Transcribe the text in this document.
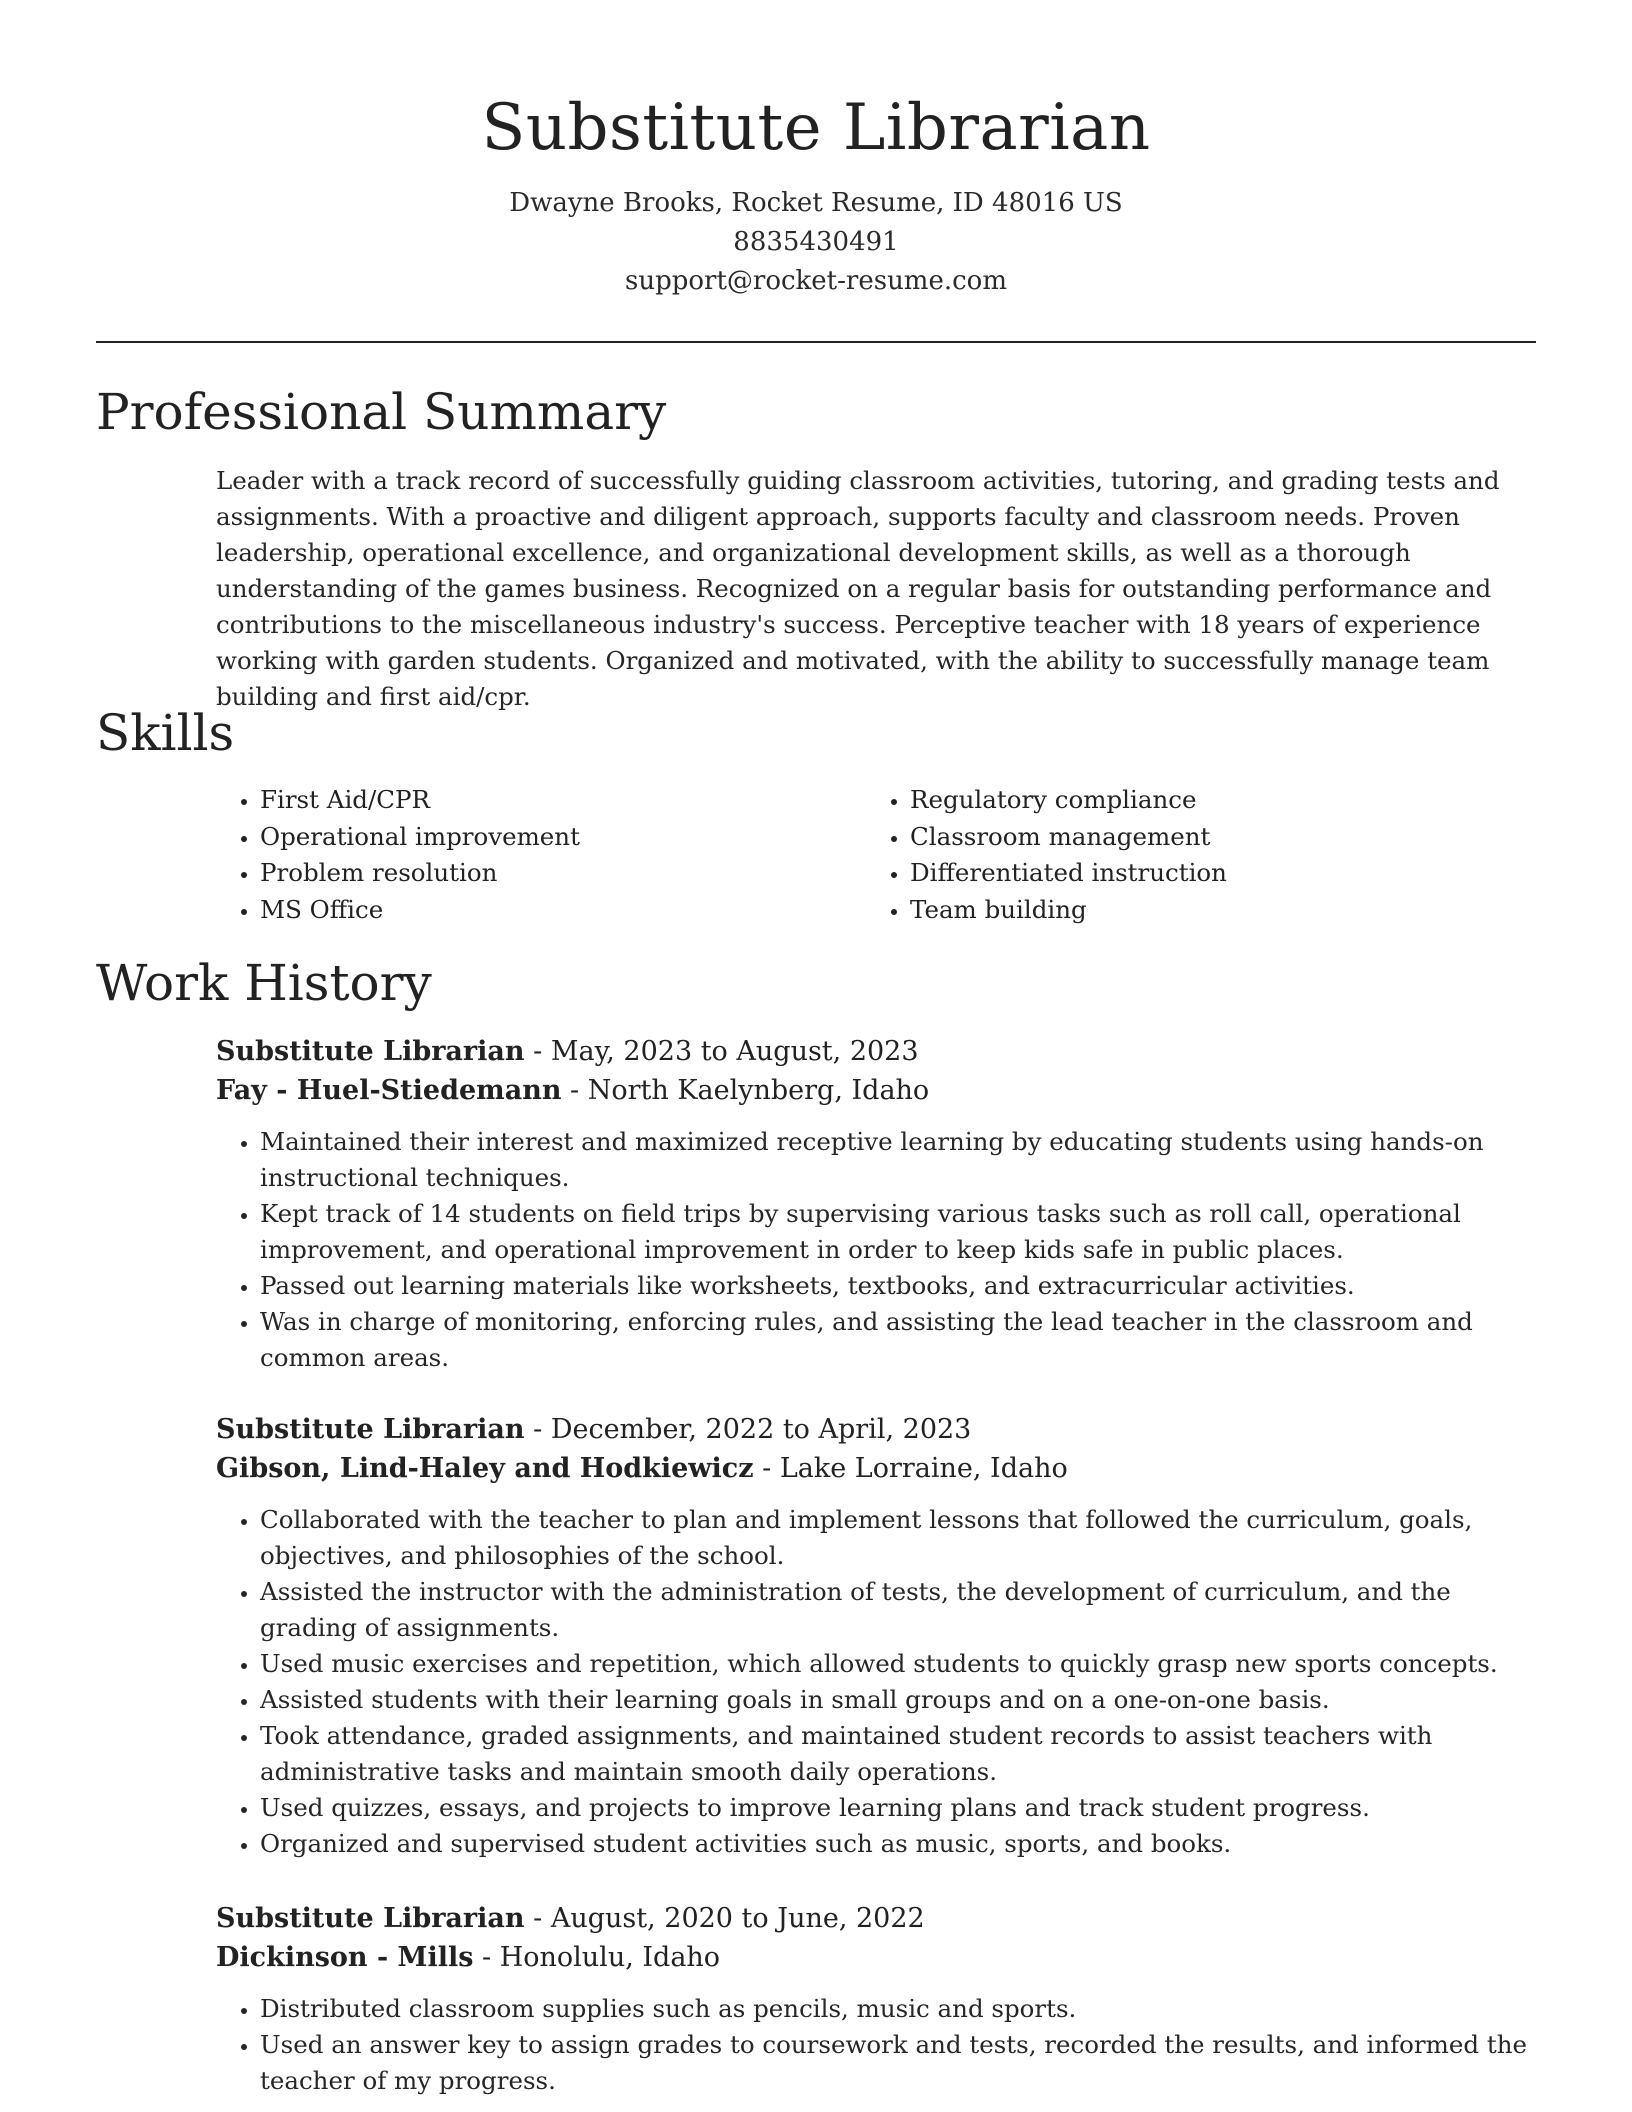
Substitute Librarian
Dwayne Brooks, Rocket Resume, ID 48016 US
8835430491
support@rocket-resume.com
Professional Summary

Leader with a track record of successfully guiding classroom activities, tutoring, and grading tests and assignments. With a proactive and diligent approach, supports faculty and classroom needs. Proven leadership, operational excellence, and organizational development skills, as well as a thorough understanding of the games business. Recognized on a regular basis for outstanding performance and contributions to the miscellaneous industry's success. Perceptive teacher with 18 years of experience working with garden students. Organized and motivated, with the ability to successfully manage team building and first aid/cpr.

Skills
• First Aid/CPR
• Operational improvement
• Problem resolution
• MS Office
• Regulatory compliance
• Classroom management
• Differentiated instruction
• Team building
Work History
Substitute Librarian - May, 2023 to August, 2023
Fay - Huel-Stiedemann - North Kaelynberg, Idaho
• Maintained their interest and maximized receptive learning by educating students using hands-on instructional techniques.
• Kept track of 14 students on field trips by supervising various tasks such as roll call, operational improvement, and operational improvement in order to keep kids safe in public places.
• Passed out learning materials like worksheets, textbooks, and extracurricular activities.
• Was in charge of monitoring, enforcing rules, and assisting the lead teacher in the classroom and common areas.
Substitute Librarian - December, 2022 to April, 2023
Gibson, Lind-Haley and Hodkiewicz - Lake Lorraine, Idaho
• Collaborated with the teacher to plan and implement lessons that followed the curriculum, goals, objectives, and philosophies of the school.
• Assisted the instructor with the administration of tests, the development of curriculum, and the grading of assignments.
• Used music exercises and repetition, which allowed students to quickly grasp new sports concepts.
• Assisted students with their learning goals in small groups and on a one-on-one basis.
• Took attendance, graded assignments, and maintained student records to assist teachers with administrative tasks and maintain smooth daily operations.
• Used quizzes, essays, and projects to improve learning plans and track student progress.
• Organized and supervised student activities such as music, sports, and books.
Substitute Librarian - August, 2020 to June, 2022
Dickinson - Mills - Honolulu, Idaho
• Distributed classroom supplies such as pencils, music and sports.
• Used an answer key to assign grades to coursework and tests, recorded the results, and informed the teacher of my progress.
